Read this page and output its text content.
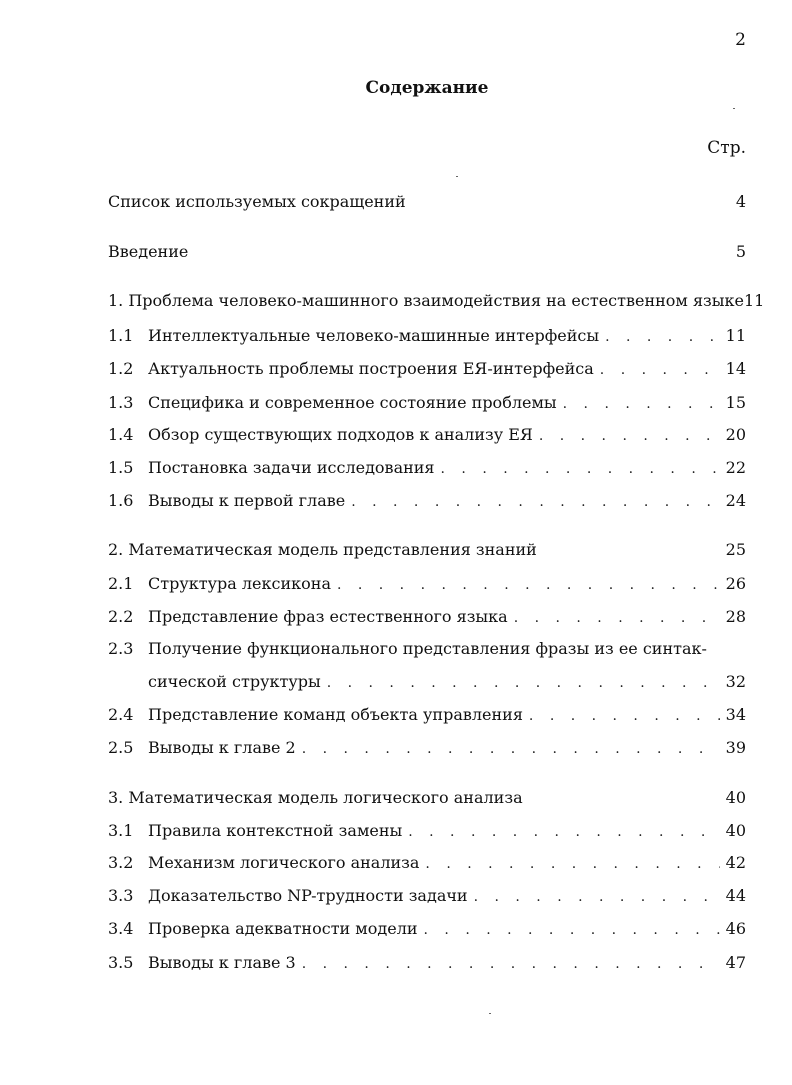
2
Содержание
Стр.
Список используемых сокращений	4
Введение	5
1. Проблема человеко-машинного взаимодействия на естественном языке 11
1.1 Интеллектуальные человеко-машинные интерфейсы . . .	11
1.2 Актуальность проблемы построения ЕЯ-интерфейса . . .	14
1.3 Специфика и современное состояние проблемы . . .	15
1.4 Обзор существующих подходов к анализу ЕЯ . . .	20
1.5 Постановка задачи исследования . . .	22
1.6 Выводы к первой главе . . .	24
2. Математическая модель представления знаний	25
2.1 Структура лексикона . . .	26
2.2 Представление фраз естественного языка . . .	28
2.3 Получение функционального представления фразы из ее синтак-
сической структуры . . .	32
2.4 Представление команд объекта управления . . .	34
2.5 Выводы к главе 2 . . .	39
3. Математическая модель логического анализа	40
3.1 Правила контекстной замены . . .	40
3.2 Механизм логического анализа . . .	42
3.3 Доказательство NP-трудности задачи . . .	44
3.4 Проверка адекватности модели . . .	46
3.5 Выводы к главе 3 . . .	47
